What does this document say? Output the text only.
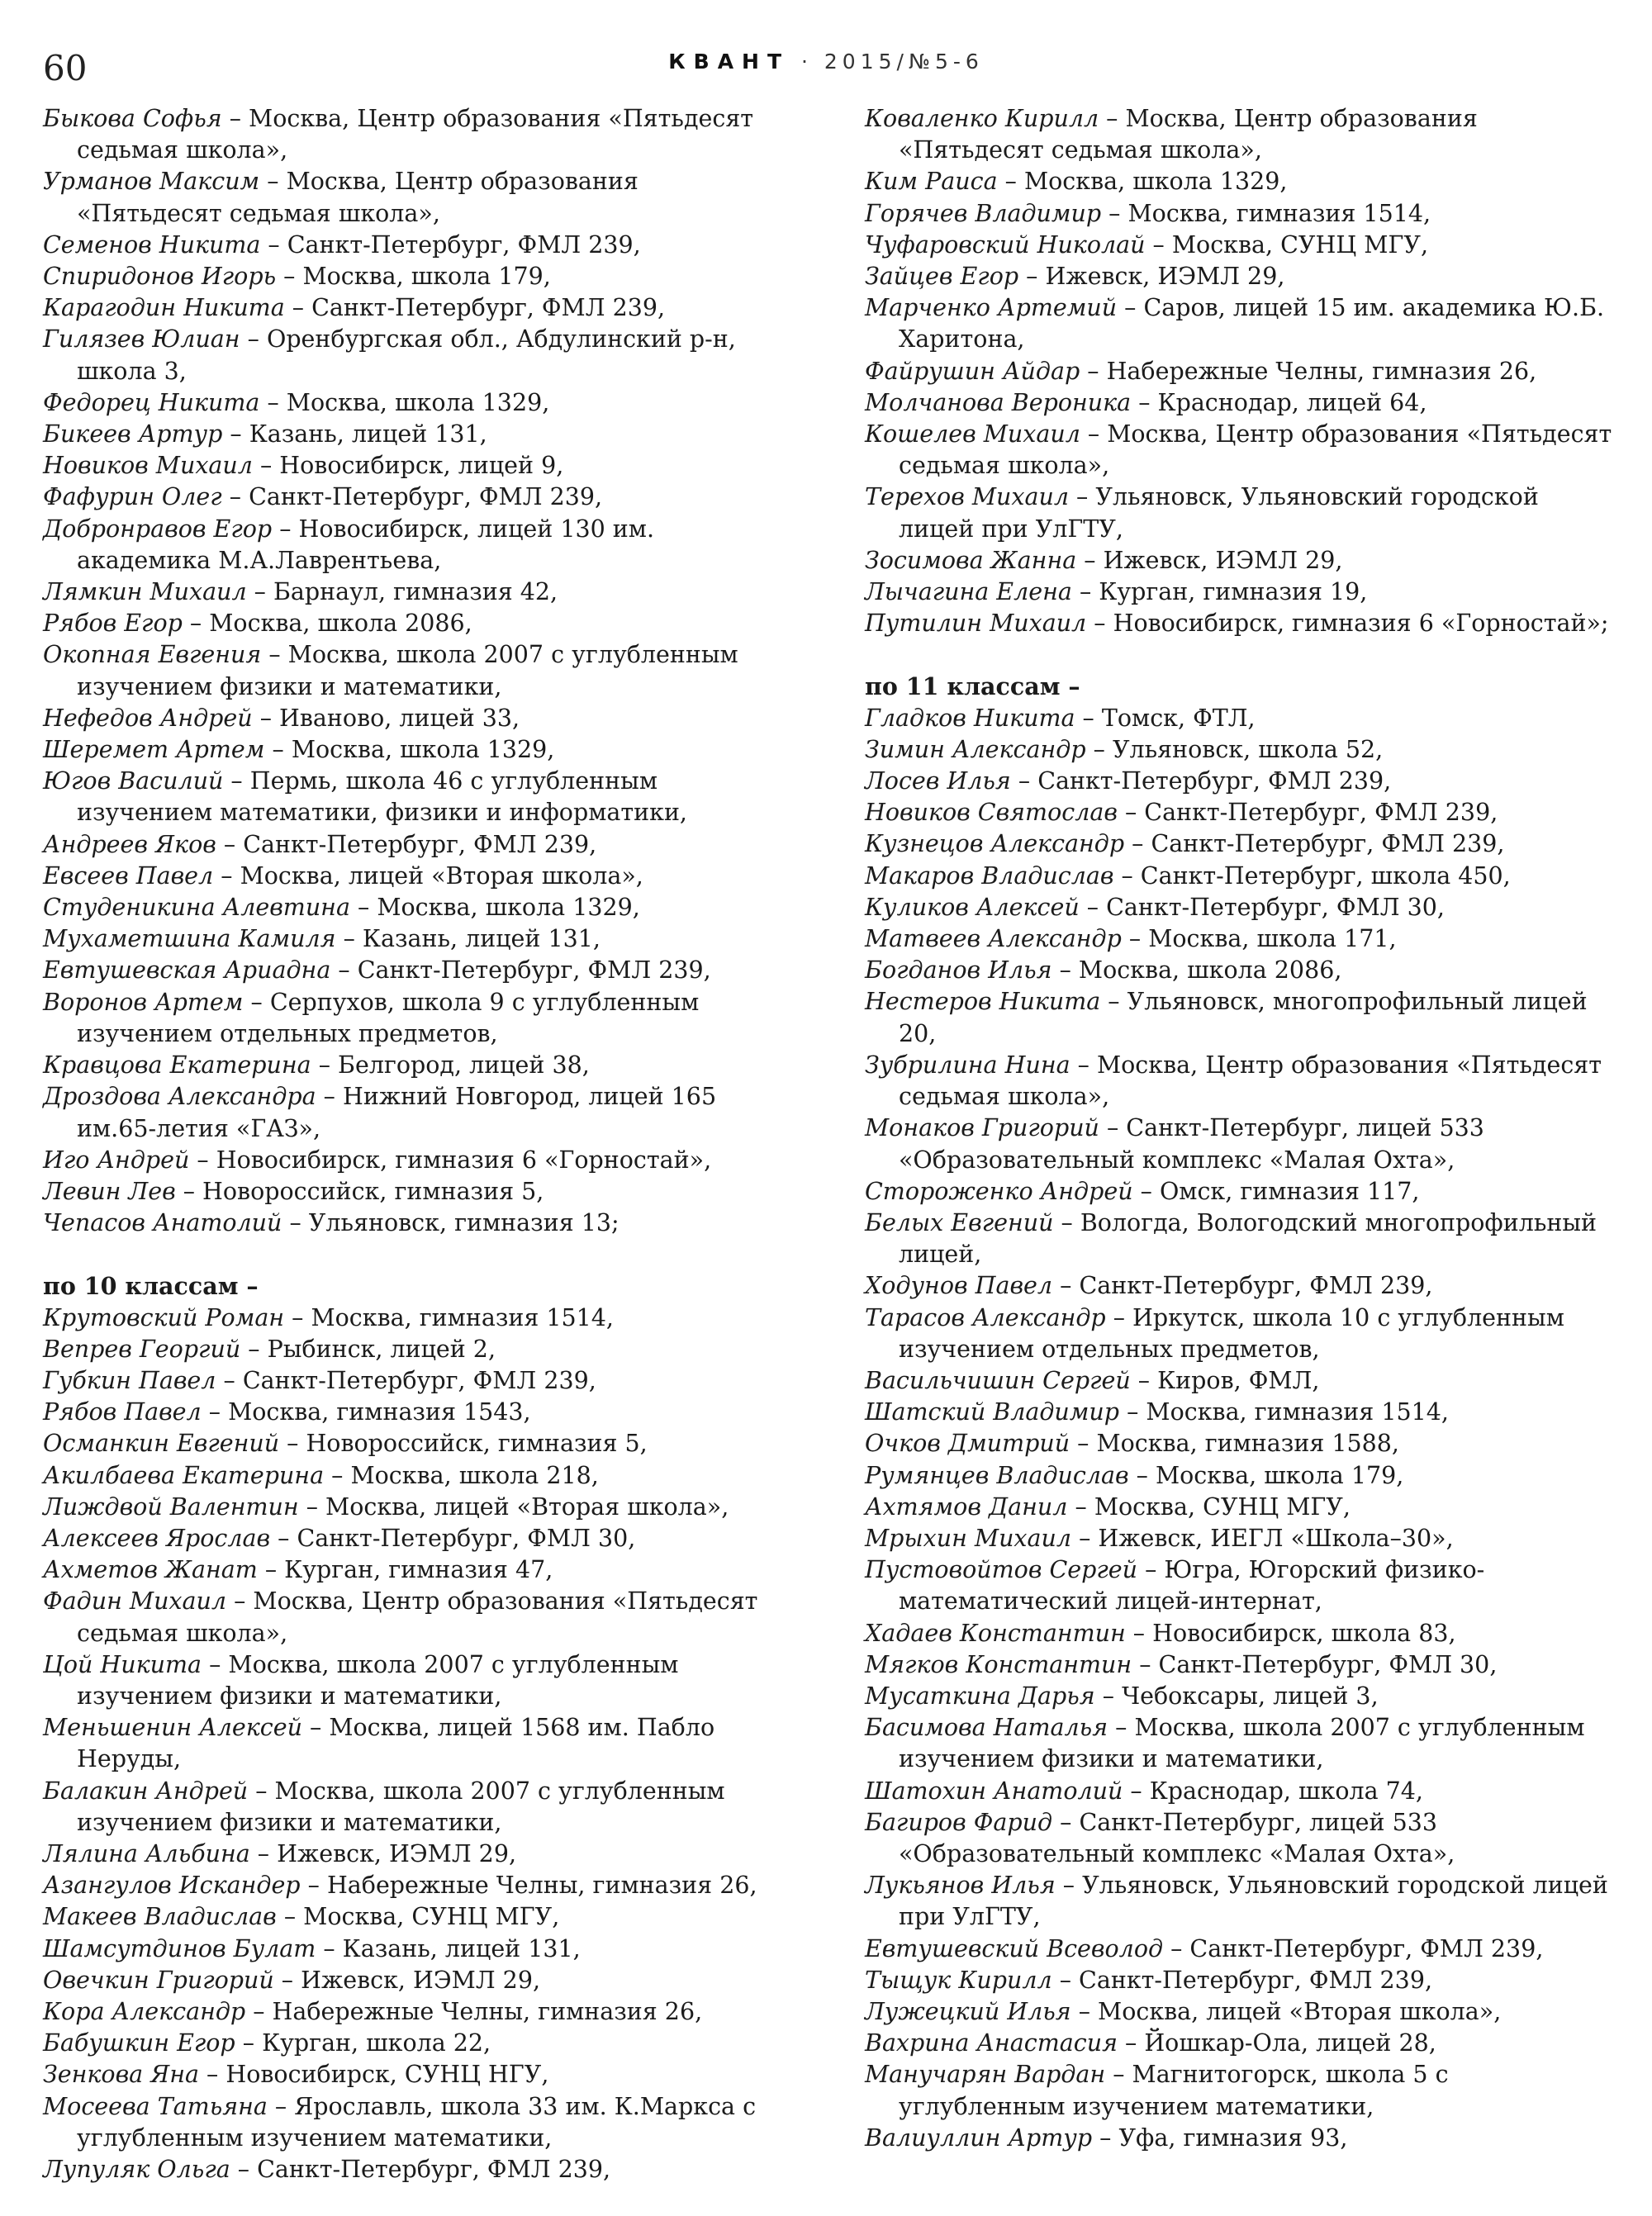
60	КВАНТ · 2015/№5-6

Быкова Софья – Москва, Центр образования «Пятьдесят седьмая школа»,

Урманов Максим – Москва, Центр образования «Пятьдесят седьмая школа»,

Семенов Никита – Санкт-Петербург, ФМЛ 239,

Спиридонов Игорь – Москва, школа 179,

Карагодин Никита – Санкт-Петербург, ФМЛ 239,

Гилязев Юлиан – Оренбургская обл., Абдулинский р-н, школа 3,

Федорец Никита – Москва, школа 1329,

Бикеев Артур – Казань, лицей 131,

Новиков Михаил – Новосибирск, лицей 9,

Фафурин Олег – Санкт-Петербург, ФМЛ 239,

Добронравов Егор – Новосибирск, лицей 130 им. академика М.А.Лаврентьева,

Лямкин Михаил – Барнаул, гимназия 42,

Рябов Егор – Москва, школа 2086,

Окопная Евгения – Москва, школа 2007 с углубленным изучением физики и математики,

Нефедов Андрей – Иваново, лицей 33,

Шеремет Артем – Москва, школа 1329,

Югов Василий – Пермь, школа 46 с углубленным изучением математики, физики и информатики,

Андреев Яков – Санкт-Петербург, ФМЛ 239,

Евсеев Павел – Москва, лицей «Вторая школа»,

Студеникина Алевтина – Москва, школа 1329,

Мухаметшина Камиля – Казань, лицей 131,

Евтушевская Ариадна – Санкт-Петербург, ФМЛ 239,

Воронов Артем – Серпухов, школа 9 с углубленным изучением отдельных предметов,

Кравцова Екатерина – Белгород, лицей 38,

Дроздова Александра – Нижний Новгород, лицей 165 им.65-летия «ГАЗ»,

Иго Андрей – Новосибирск, гимназия 6 «Горностай»,

Левин Лев – Новороссийск, гимназия 5,

Чепасов Анатолий – Ульяновск, гимназия 13;

по 10 классам –

Крутовский Роман – Москва, гимназия 1514,

Вепрев Георгий – Рыбинск, лицей 2,

Губкин Павел – Санкт-Петербург, ФМЛ 239,

Рябов Павел – Москва, гимназия 1543,

Османкин Евгений – Новороссийск, гимназия 5,

Акилбаева Екатерина – Москва, школа 218,

Лиждвой Валентин – Москва, лицей «Вторая школа»,

Алексеев Ярослав – Санкт-Петербург, ФМЛ 30,

Ахметов Жанат – Курган, гимназия 47,

Фадин Михаил – Москва, Центр образования «Пятьдесят седьмая школа»,

Цой Никита – Москва, школа 2007 с углубленным изучением физики и математики,

Меньшенин Алексей – Москва, лицей 1568 им. Пабло Неруды,

Балакин Андрей – Москва, школа 2007 с углубленным изучением физики и математики,

Лялина Альбина – Ижевск, ИЭМЛ 29,

Азангулов Искандер – Набережные Челны, гимназия 26,

Макеев Владислав – Москва, СУНЦ МГУ,

Шамсутдинов Булат – Казань, лицей 131,

Овечкин Григорий – Ижевск, ИЭМЛ 29,

Кора Александр – Набережные Челны, гимназия 26,

Бабушкин Егор – Курган, школа 22,

Зенкова Яна – Новосибирск, СУНЦ НГУ,

Мосеева Татьяна – Ярославль, школа 33 им. К.Маркса с углубленным изучением математики,

Лупуляк Ольга – Санкт-Петербург, ФМЛ 239,

Коваленко Кирилл – Москва, Центр образования «Пятьдесят седьмая школа»,

Ким Раиса – Москва, школа 1329,

Горячев Владимир – Москва, гимназия 1514,

Чуфаровский Николай – Москва, СУНЦ МГУ,

Зайцев Егор – Ижевск, ИЭМЛ 29,

Марченко Артемий – Саров, лицей 15 им. академика Ю.Б. Харитона,

Файрушин Айдар – Набережные Челны, гимназия 26,

Молчанова Вероника – Краснодар, лицей 64,

Кошелев Михаил – Москва, Центр образования «Пятьдесят седьмая школа»,

Терехов Михаил – Ульяновск, Ульяновский городской лицей при УлГТУ,

Зосимова Жанна – Ижевск, ИЭМЛ 29,

Лычагина Елена – Курган, гимназия 19,

Путилин Михаил – Новосибирск, гимназия 6 «Горностай»;

по 11 классам –

Гладков Никита – Томск, ФТЛ,

Зимин Александр – Ульяновск, школа 52,

Лосев Илья – Санкт-Петербург, ФМЛ 239,

Новиков Святослав – Санкт-Петербург, ФМЛ 239,

Кузнецов Александр – Санкт-Петербург, ФМЛ 239,

Макаров Владислав – Санкт-Петербург, школа 450,

Куликов Алексей – Санкт-Петербург, ФМЛ 30,

Матвеев Александр – Москва, школа 171,

Богданов Илья – Москва, школа 2086,

Нестеров Никита – Ульяновск, многопрофильный лицей 20,

Зубрилина Нина – Москва, Центр образования «Пятьдесят седьмая школа»,

Монаков Григорий – Санкт-Петербург, лицей 533 «Образовательный комплекс «Малая Охта»,

Стороженко Андрей – Омск, гимназия 117,

Белых Евгений – Вологда, Вологодский многопрофильный лицей,

Ходунов Павел – Санкт-Петербург, ФМЛ 239,

Тарасов Александр – Иркутск, школа 10 с углубленным изучением отдельных предметов,

Васильчишин Сергей – Киров, ФМЛ,

Шатский Владимир – Москва, гимназия 1514,

Очков Дмитрий – Москва, гимназия 1588,

Румянцев Владислав – Москва, школа 179,

Ахтямов Данил – Москва, СУНЦ МГУ,

Мрыхин Михаил – Ижевск, ИЕГЛ «Школа–30»,

Пустовойтов Сергей – Югра, Югорский физико-математический лицей-интернат,

Хадаев Константин – Новосибирск, школа 83,

Мягков Константин – Санкт-Петербург, ФМЛ 30,

Мусаткина Дарья – Чебоксары, лицей 3,

Басимова Наталья – Москва, школа 2007 с углубленным изучением физики и математики,

Шатохин Анатолий – Краснодар, школа 74,

Багиров Фарид – Санкт-Петербург, лицей 533 «Образовательный комплекс «Малая Охта»,

Лукьянов Илья – Ульяновск, Ульяновский городской лицей при УлГТУ,

Евтушевский Всеволод – Санкт-Петербург, ФМЛ 239,

Тыщук Кирилл – Санкт-Петербург, ФМЛ 239,

Лужецкий Илья – Москва, лицей «Вторая школа»,

Вахрина Анастасия – Йошкар-Ола, лицей 28,

Манучарян Вардан – Магнитогорск, школа 5 с углубленным изучением математики,

Валиуллин Артур – Уфа, гимназия 93,
